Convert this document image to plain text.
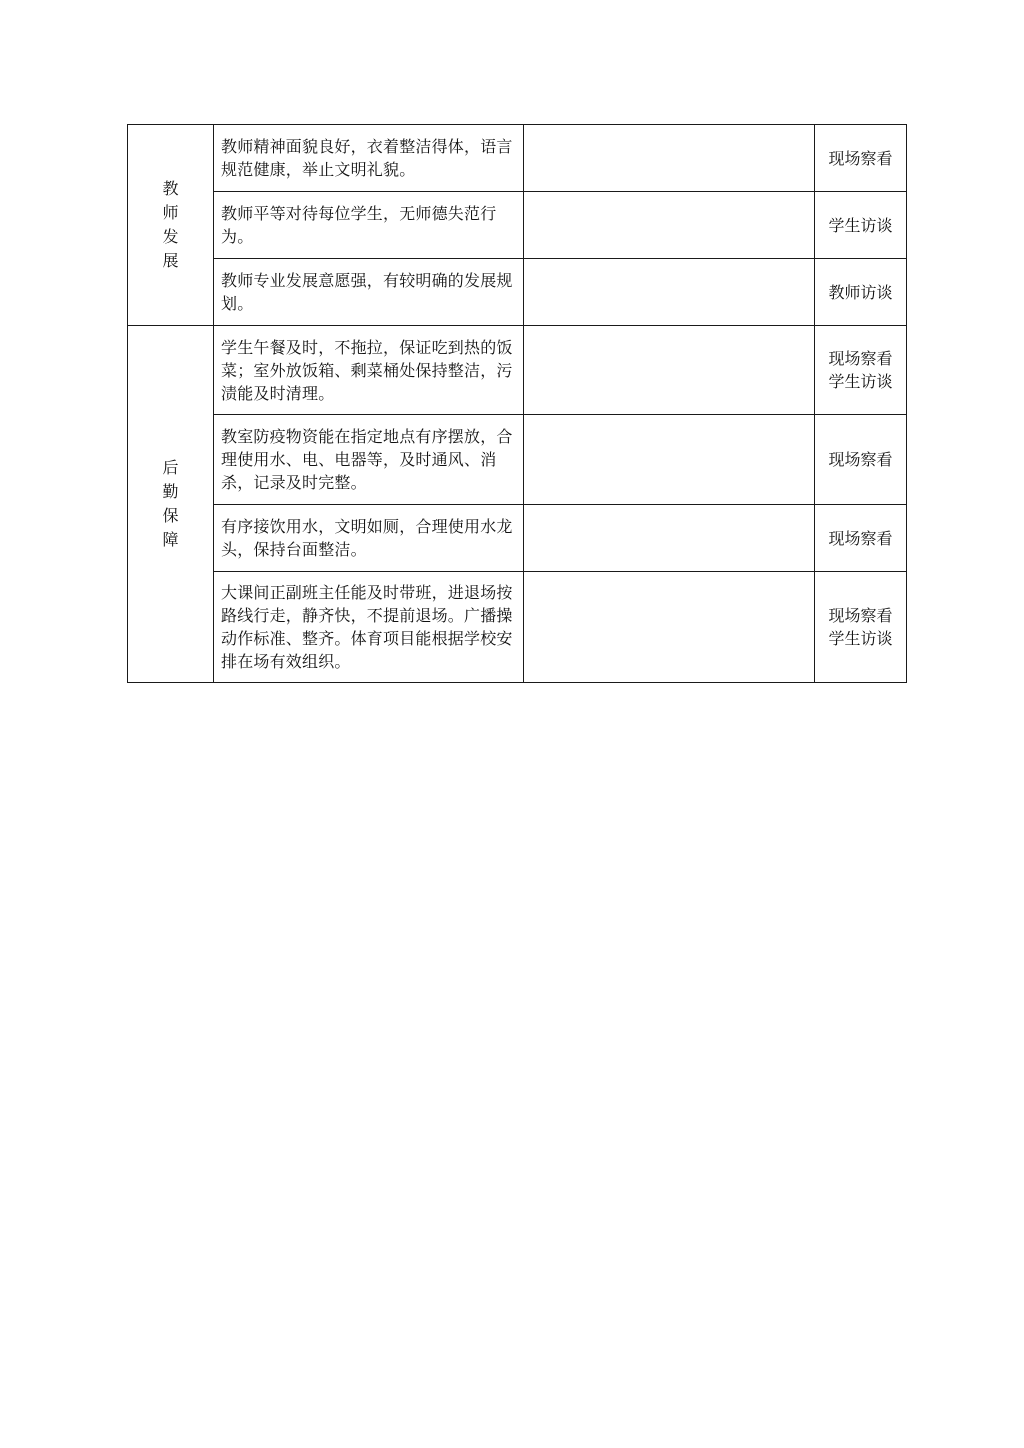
教师发展	教师精神面貌良好，衣着整洁得体，语言规范健康，举止文明礼貌。		现场察看

	教师平等对待每位学生，无师德失范行为。		学生访谈

	教师专业发展意愿强，有较明确的发展规划。		教师访谈

后勤保障	学生午餐及时，不拖拉，保证吃到热的饭菜；室外放饭箱、剩菜桶处保持整洁，污渍能及时清理。		现场察看
学生访谈

	教室防疫物资能在指定地点有序摆放，合理使用水、电、电器等，及时通风、消杀，记录及时完整。		现场察看

	有序接饮用水，文明如厕，合理使用水龙头，保持台面整洁。		现场察看

	大课间正副班主任能及时带班，进退场按路线行走，静齐快，不提前退场。广播操动作标准、整齐。体育项目能根据学校安排在场有效组织。		现场察看
学生访谈
